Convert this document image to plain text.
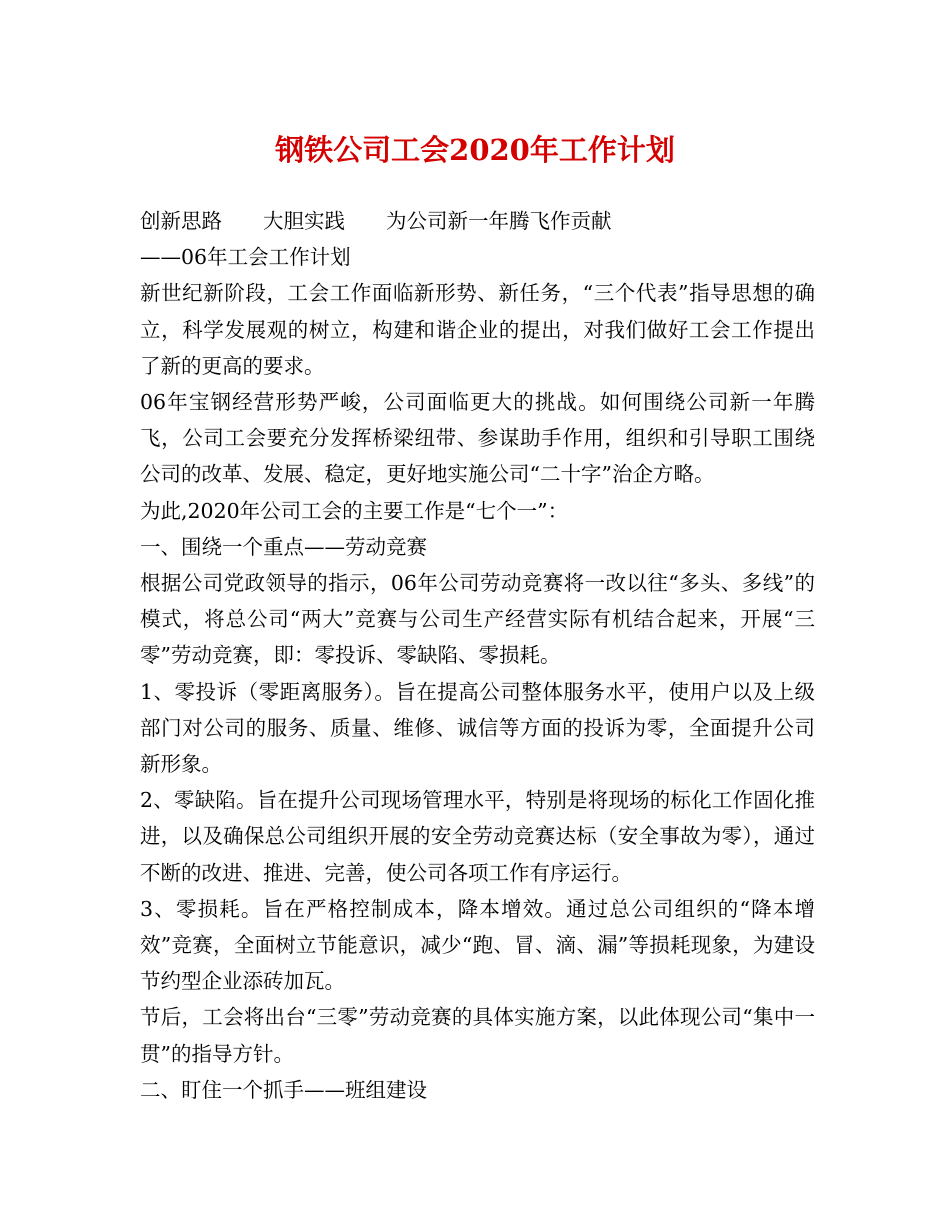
钢铁公司工会2020年工作计划

创新思路　　大胆实践　　为公司新一年腾飞作贡献

——06年工会工作计划

新世纪新阶段，工会工作面临新形势、新任务，“三个代表”指导思想的确立，科学发展观的树立，构建和谐企业的提出，对我们做好工会工作提出了新的更高的要求。

06年宝钢经营形势严峻，公司面临更大的挑战。如何围绕公司新一年腾飞，公司工会要充分发挥桥梁纽带、参谋助手作用，组织和引导职工围绕公司的改革、发展、稳定，更好地实施公司“二十字”治企方略。

为此,2020年公司工会的主要工作是“七个一”：

一、围绕一个重点——劳动竞赛

根据公司党政领导的指示，06年公司劳动竞赛将一改以往“多头、多线”的模式，将总公司“两大”竞赛与公司生产经营实际有机结合起来，开展“三零”劳动竞赛，即：零投诉、零缺陷、零损耗。

1、零投诉（零距离服务）。旨在提高公司整体服务水平，使用户以及上级部门对公司的服务、质量、维修、诚信等方面的投诉为零，全面提升公司新形象。

2、零缺陷。旨在提升公司现场管理水平，特别是将现场的标化工作固化推进，以及确保总公司组织开展的安全劳动竞赛达标（安全事故为零），通过不断的改进、推进、完善，使公司各项工作有序运行。

3、零损耗。旨在严格控制成本，降本增效。通过总公司组织的“降本增效”竞赛，全面树立节能意识，减少“跑、冒、滴、漏”等损耗现象，为建设节约型企业添砖加瓦。

节后，工会将出台“三零”劳动竞赛的具体实施方案，以此体现公司“集中一贯”的指导方针。

二、盯住一个抓手——班组建设
